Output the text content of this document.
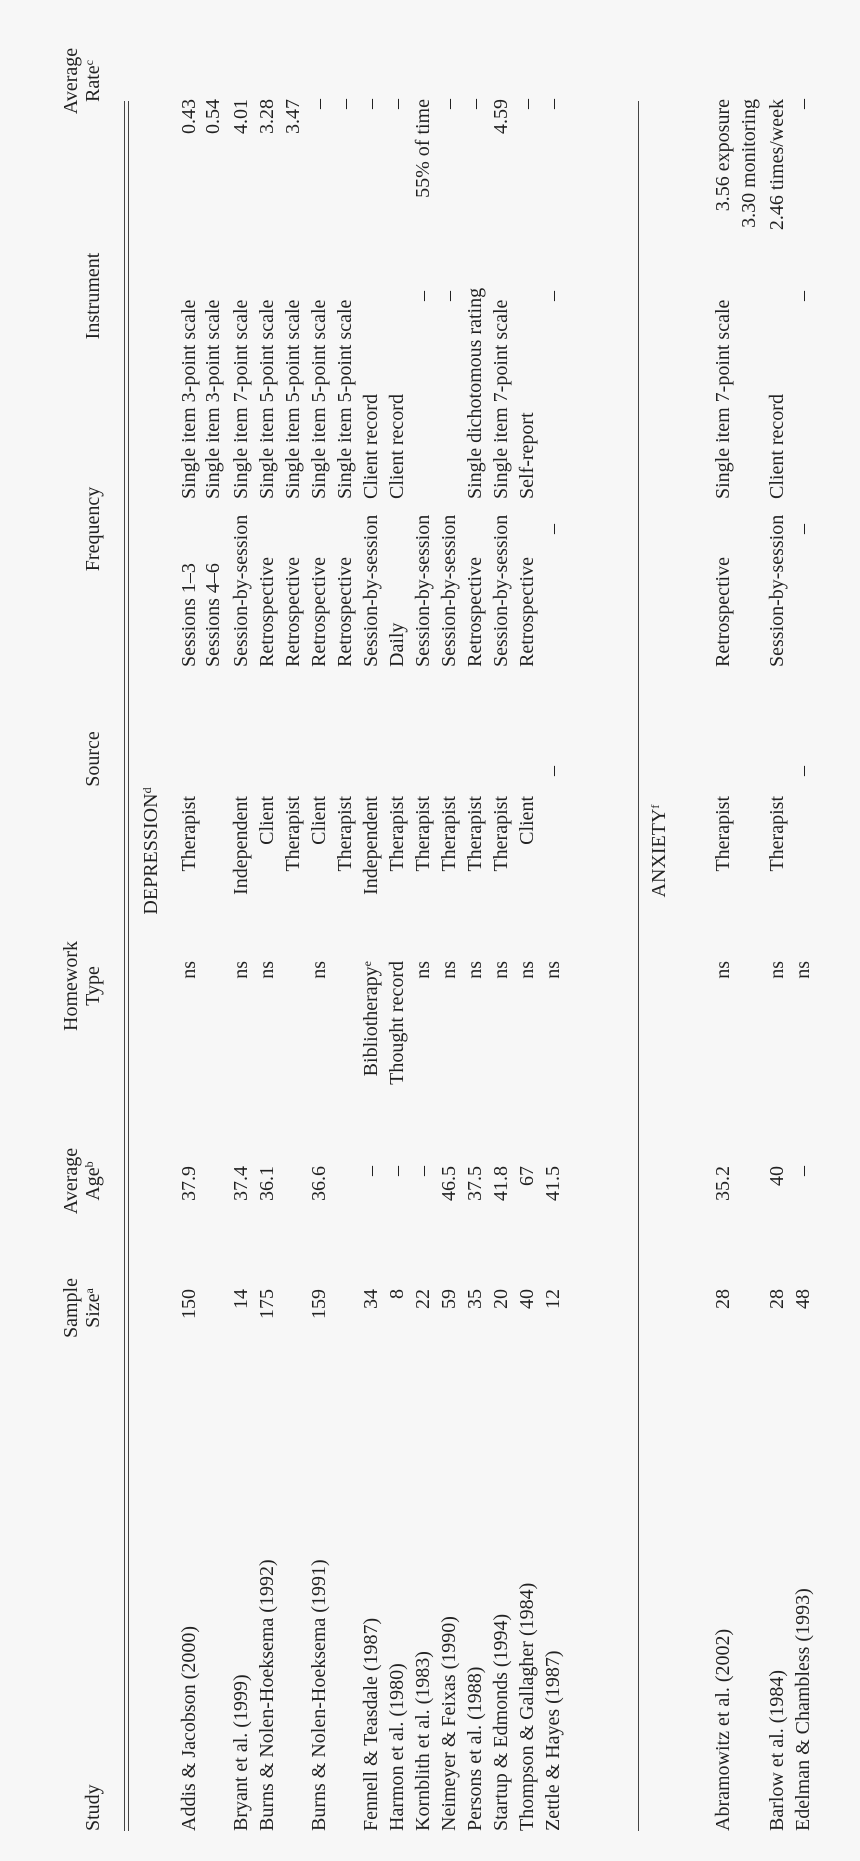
Study
Sample Size$^a$
Average Age$^b$
Homework Type
Source
Frequency
Instrument
Average Rate$^c$
DEPRESSION$^d$
Addis & Jacobson (2000)
150
37.9
ns
Therapist
Sessions 1–3
Single item 3-point scale
0.43
Sessions 4–6
Single item 3-point scale
0.54
Bryant et al. (1999)
14
37.4
ns
Independent
Session-by-session
Single item 7-point scale
4.01
Burns & Nolen-Hoeksema (1992)
175
36.1
ns
Client
Retrospective
Single item 5-point scale
3.28
Therapist
Retrospective
Single item 5-point scale
3.47
Burns & Nolen-Hoeksema (1991)
159
36.6
ns
Client
Retrospective
Single item 5-point scale
–
Therapist
Retrospective
Single item 5-point scale
–
Fennell & Teasdale (1987)
34
–
Bibliotherapy$^e$
Independent
Session-by-session
Client record
–
Harmon et al. (1980)
8
–
Thought record
Therapist
Daily
Client record
–
Kornblith et al. (1983)
22
–
ns
Therapist
Session-by-session
–
55% of time
Neimeyer & Feixas (1990)
59
46.5
ns
Therapist
Session-by-session
–
–
Persons et al. (1988)
35
37.5
ns
Therapist
Retrospective
Single dichotomous rating
–
Startup & Edmonds (1994)
20
41.8
ns
Therapist
Session-by-session
Single item 7-point scale
4.59
Thompson & Gallagher (1984)
40
67
ns
Client
Retrospective
Self-report
–
Zettle & Hayes (1987)
12
41.5
ns
–
–
–
–
Abramowitz et al. (2002)
28
35.2
ns
Therapist
Retrospective
Single item 7-point scale
3.56 exposure 3.30 monitoring
Barlow et al. (1984)
28
40
ns
Therapist
Session-by-session
Client record
2.46 times/week
Edelman & Chambless (1993)
48
–
ns
–
–
–
–
ANXIETY$^f$
